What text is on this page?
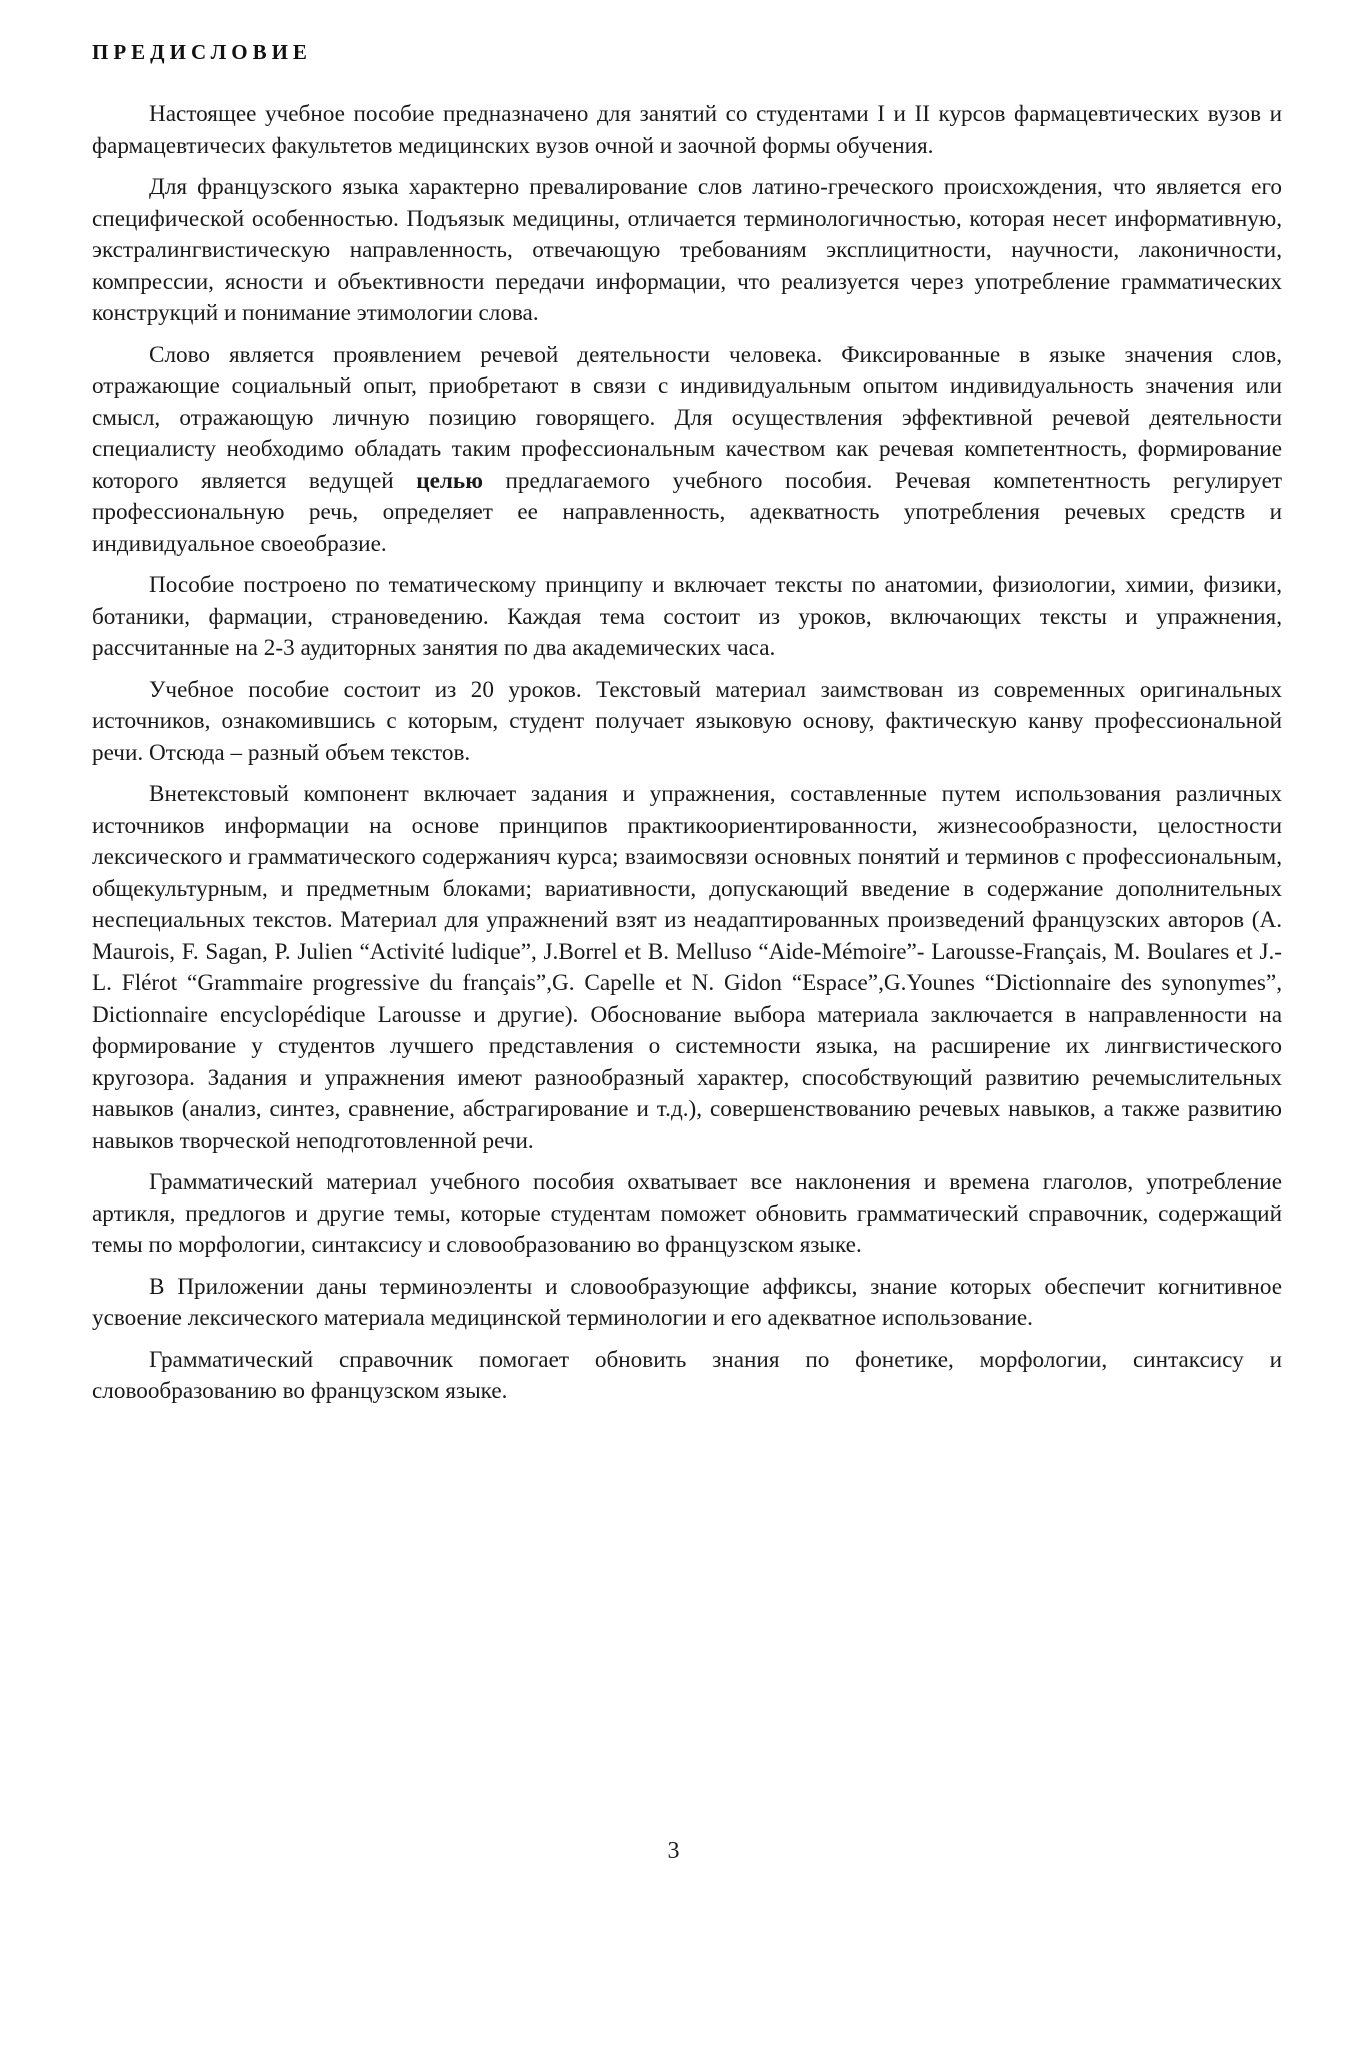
ПРЕДИСЛОВИЕ

Настоящее учебное пособие предназначено для занятий со студентами I и II курсов фармацевтических вузов и фармацевтичесих факультетов медицинских вузов очной и заочной формы обучения.

Для французского языка характерно превалирование слов латино-греческого происхождения, что является его специфической особенностью. Подъязык медицины, отличается терминологичностью, которая несет информативную, экстралингвистическую направленность, отвечающую требованиям эксплицитности, научности, лаконичности, компрессии, ясности и объективности передачи информации, что реализуется через употребление грамматических конструкций и понимание этимологии слова.

Слово является проявлением речевой деятельности человека. Фиксированные в языке значения слов, отражающие социальный опыт, приобретают в связи с индивидуальным опытом индивидуальность значения или смысл, отражающую личную позицию говорящего. Для осуществления эффективной речевой деятельности специалисту необходимо обладать таким профессиональным качеством как речевая компетентность, формирование которого является ведущей целью предлагаемого учебного пособия. Речевая компетентность регулирует профессиональную речь, определяет ее направленность, адекватность употребления речевых средств и индивидуальное своеобразие.

Пособие построено по тематическому принципу и включает тексты по анатомии, физиологии, химии, физики, ботаники, фармации, страноведению. Каждая тема состоит из уроков, включающих тексты и упражнения, рассчитанные на 2-3 аудиторных занятия по два академических часа.

Учебное пособие состоит из 20 уроков. Текстовый материал заимствован из современных оригинальных источников, ознакомившись с которым, студент получает языковую основу, фактическую канву профессиональной речи. Отсюда – разный объем текстов.

Внетекстовый компонент включает задания и упражнения, составленные путем использования различных источников информации на основе принципов практикоориентированности, жизнесообразности, целостности лексического и грамматического содержанияч курса; взаимосвязи основных понятий и терминов с профессиональным, общекультурным, и предметным блоками; вариативности, допускающий введение в содержание дополнительных неспециальных текстов. Материал для упражнений взят из неадаптированных произведений французских авторов (A. Maurois, F. Sagan, P. Julien “Activité ludique”, J.Borrel et B. Melluso “Aide-Mémoire”- Larousse-Français, M. Boulares et J.-L. Flérot “Grammaire progressive du français”,G. Capelle et N. Gidon “Espace”,G.Younes “Dictionnaire des synonymes”, Dictionnaire encyclopédique Larousse и другие). Обоснование выбора материала заключается в направленности на формирование у студентов лучшего представления о системности языка, на расширение их лингвистического кругозора. Задания и упражнения имеют разнообразный характер, способствующий развитию речемыслительных навыков (анализ, синтез, сравнение, абстрагирование и т.д.), совершенствованию речевых навыков, а также развитию навыков творческой неподготовленной речи.

Грамматический материал учебного пособия охватывает все наклонения и времена глаголов, употребление артикля, предлогов и другие темы, которые студентам поможет обновить грамматический справочник, содержащий темы по морфологии, синтаксису и словообразованию во французском языке.

В Приложении даны терминоэленты и словообразующие аффиксы, знание которых обеспечит когнитивное усвоение лексического материала медицинской терминологии и его адекватное использование.

Грамматический справочник помогает обновить знания по фонетике, морфологии, синтаксису и словообразованию во французском языке.

3
